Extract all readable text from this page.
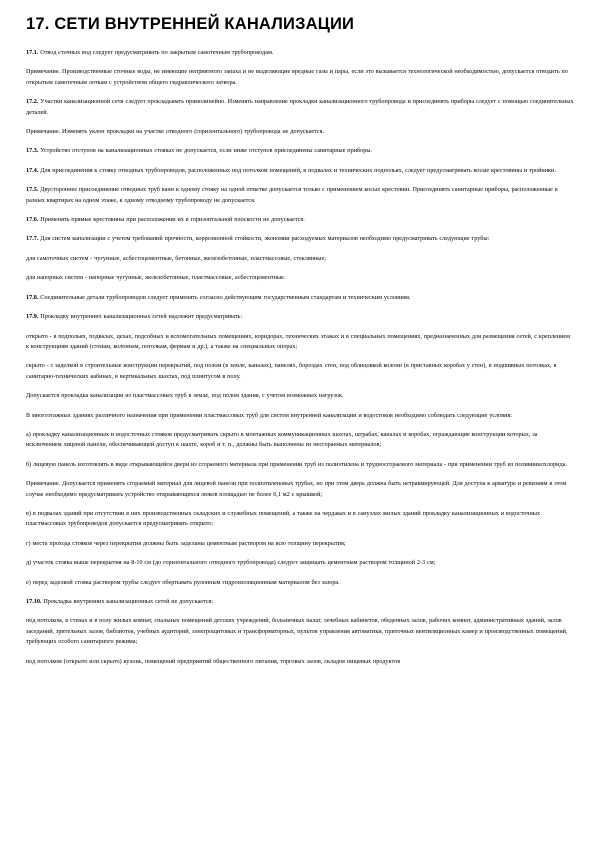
17. СЕТИ ВНУТРЕННЕЙ КАНАЛИЗАЦИИ

17.1. Отвод сточных вод следует предусматривать по закрытым самотечным трубопроводам.

Примечание. Производственные сточные воды, не имеющие неприятного запаха и не выделяющие вредные газы и пары, если это вызывается технологической необходимостью, допускается отводить по открытым самотечным лоткам с устройством общего гидравлического затвора.

17.2. Участки канализационной сети следует прокладывать прямолинейно. Изменять направление прокладки канализационного трубопровода и присоединять приборы следует с помощью соединительных деталей.

Примечание. Изменять уклон прокладки на участке отводного (горизонтального) трубопровода не допускается.

17.3. Устройство отступов на канализационных стояках не допускается, если ниже отступов присоединены санитарные приборы.

17.4. Для присоединения к стояку отводных трубопроводов, расположенных под потолком помещений, в подвалах и технических подпольях, следует предусматривать косые крестовины и тройники.

17.5. Двустороннее присоединение отводных труб ванн к одному стояку на одной отметке допускается только с применением косых крестовин. Присоединять санитарные приборы, расположенные в разных квартирах на одном этаже, к одному отводному трубопроводу не допускается.

17.6. Применять прямые крестовины при расположении их в горизонтальной плоскости не допускается.

17.7. Для систем канализации с учетом требований прочности, коррозионной стойкости, экономии расходуемых материалов необходимо предусматривать следующие трубы:

для самотечных систем - чугунные, асбестоцементные, бетонные, железобетонные, пластмассовые, стеклянные;

для напорных систем - напорные чугунные, железобетонные, пластмассовые, асбестоцементные.

17.8. Соединительные детали трубопроводов следует применять согласно действующим государственным стандартам и техническим условиям.

17.9. Прокладку внутренних канализационных сетей надлежит предусматривать:

открыто - в подпольях, подвалах, цехах, подсобных и вспомогательных помещениях, коридорах, технических этажах и в специальных помещениях, предназначенных для размещения сетей, с креплением к конструкциям зданий (стенам, колоннам, потолкам, фермам и др.), а также на специальных опорах;

скрыто - с заделкой в строительные конструкции перекрытий, под полом (в земле, каналах), панелях, бороздах стен, под облицовкой колонн (в приставных коробах у стен), в подшивных потолках, в санитарно-технических кабинах, в вертикальных шахтах, под плинтусом в полу.

Допускается прокладка канализации из пластмассовых труб в земле, под полом здания, с учетом возможных нагрузок.

В многоэтажных зданиях различного назначения при применении пластмассовых труб для систем внутренней канализации и водостоков необходимо соблюдать следующие условия:

а) прокладку канализационных и водосточных стояков предусматривать скрыто в монтажных коммуникационных шахтах, штрабах, каналах и коробах, ограждающие конструкции которых, за исключением лицевой панели, обеспечивающей доступ к шахте, короб и т. п., должны быть выполнены из несгораемых материалов;

б) лицевую панель изготовлять в виде открывающейся двери из сгораемого материала при применении труб из полиэтилена и трудносгораемого материала - при применении труб из поливинилхлорида.

Примечание. Допускается применять сгораемый материал для лицевой панели при полиэтиленовых трубах, но при этом дверь должна быть нетравмирующей. Для доступа к арматуре и ревизиям в этом случае необходимо предусматривать устройство открывающихся люков площадью не более 0,1 м2 с крышкой;

в) в подвалах зданий при отсутствии в них производственных складских и служебных помещений, а также на чердаках и в санузлах жилых зданий прокладку канализационных и водосточных пластмассовых трубопроводов допускается предусматривать открыто;

г) места прохода стояков через перекрытия должны быть заделаны цементным раствором на всю толщину перекрытия;

д) участок стояка выше перекрытия на 8-10 см (до горизонтального отводного трубопровода) следует защищать цементным раствором толщиной 2-3 см;

е) перед заделкой стояка раствором трубы следует обертывать рулонным гидроизоляционным материалом без зазора.

17.10. Прокладка внутренних канализационных сетей не допускается:

под потолком, в стенах и в полу жилых комнат, спальных помещений детских учреждений, больничных палат, лечебных кабинетов, обеденных залов, рабочих комнат, административных зданий, залов заседаний, зрительных залов, библиотек, учебных аудиторий, электрощитовых и трансформаторных, пультов управления автоматики, приточных вентиляционных камер и производственных помещений, требующих особого санитарного режима;

под потолком (открыто или скрыто) кухонь, помещений предприятий общественного питания, торговых залов, складов пищевых продуктов
